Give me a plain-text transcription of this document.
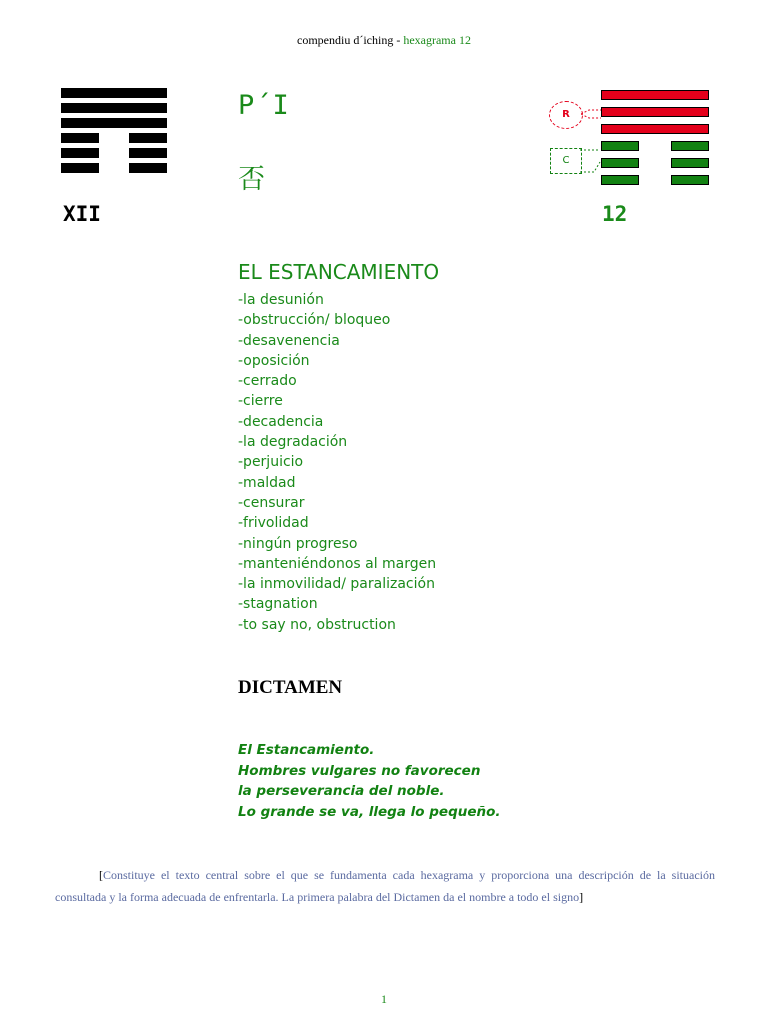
compendiu d´iching - hexagrama 12
XII
P´I
否
R
C
12
EL ESTANCAMIENTO
-la desunión
-obstrucción/ bloqueo
-desavenencia
-oposición
-cerrado
-cierre
-decadencia
-la degradación
-perjuicio
-maldad
-censurar
-frivolidad
-ningún progreso
-manteniéndonos al margen
-la inmovilidad/ paralización
-stagnation
-to say no, obstruction
DICTAMEN
El Estancamiento.
Hombres vulgares no favorecen
la perseverancia del noble.
Lo grande se va, llega lo pequeño.
[Constituye el texto central sobre el que se fundamenta cada hexagrama y proporciona una descripción de la situación consultada y la forma adecuada de enfrentarla. La primera palabra del Dictamen da el nombre a todo el signo]
1
